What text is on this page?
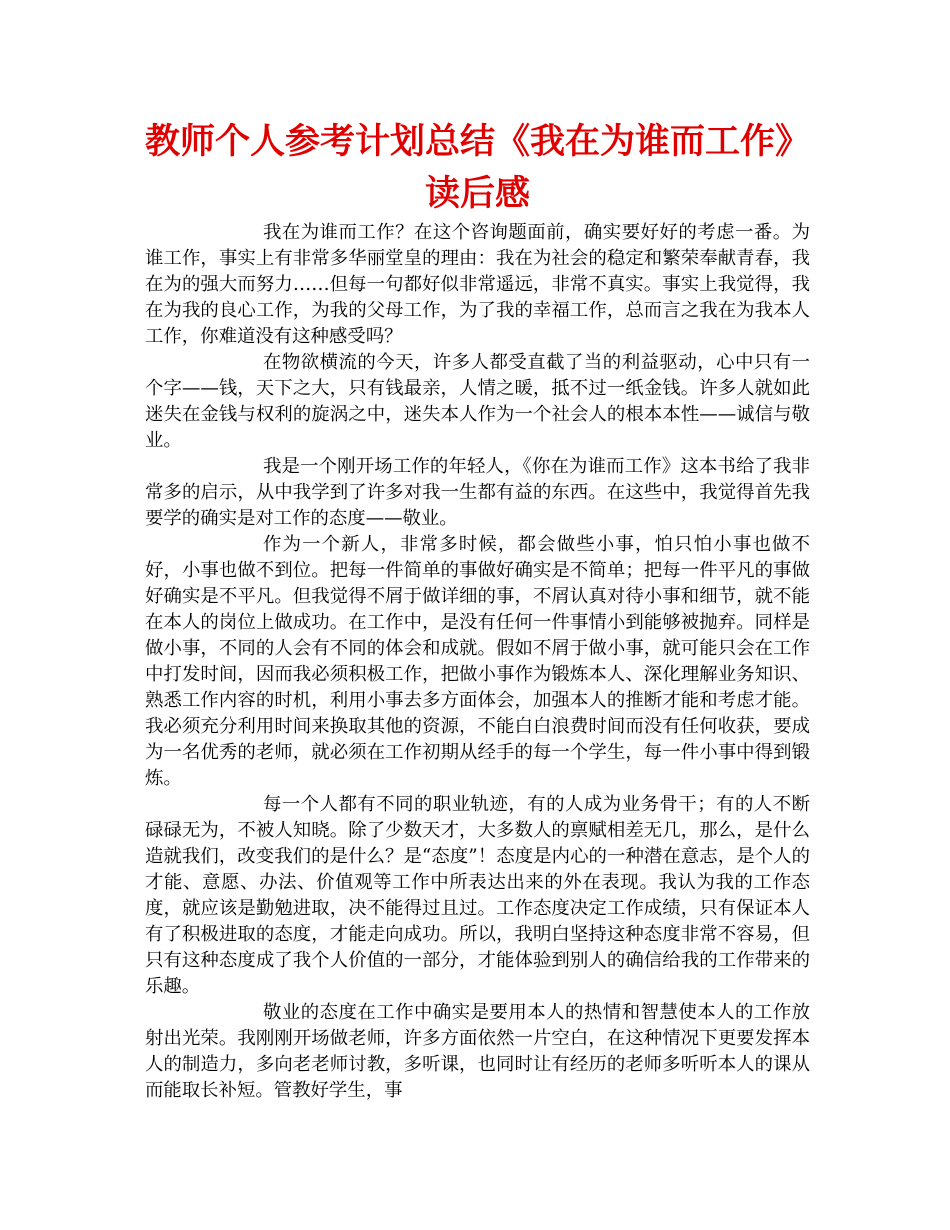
教师个人参考计划总结《我在为谁而工作》读后感

我在为谁而工作？在这个咨询题面前，确实要好好的考虑一番。为谁工作，事实上有非常多华丽堂皇的理由：我在为社会的稳定和繁荣奉献青春，我在为的强大而努力……但每一句都好似非常遥远，非常不真实。事实上我觉得，我在为我的良心工作，为我的父母工作，为了我的幸福工作，总而言之我在为我本人工作，你难道没有这种感受吗？

在物欲横流的今天，许多人都受直截了当的利益驱动，心中只有一个字——钱，天下之大，只有钱最亲，人情之暖，抵不过一纸金钱。许多人就如此迷失在金钱与权利的旋涡之中，迷失本人作为一个社会人的根本本性——诚信与敬业。

我是一个刚开场工作的年轻人，《你在为谁而工作》这本书给了我非常多的启示，从中我学到了许多对我一生都有益的东西。在这些中，我觉得首先我要学的确实是对工作的态度——敬业。

作为一个新人，非常多时候，都会做些小事，怕只怕小事也做不好，小事也做不到位。把每一件简单的事做好确实是不简单；把每一件平凡的事做好确实是不平凡。但我觉得不屑于做详细的事，不屑认真对待小事和细节，就不能在本人的岗位上做成功。在工作中，是没有任何一件事情小到能够被抛弃。同样是做小事，不同的人会有不同的体会和成就。假如不屑于做小事，就可能只会在工作中打发时间，因而我必须积极工作，把做小事作为锻炼本人、深化理解业务知识、熟悉工作内容的时机，利用小事去多方面体会，加强本人的推断才能和考虑才能。我必须充分利用时间来换取其他的资源，不能白白浪费时间而没有任何收获，要成为一名优秀的老师，就必须在工作初期从经手的每一个学生，每一件小事中得到锻炼。

每一个人都有不同的职业轨迹，有的人成为业务骨干；有的人不断碌碌无为，不被人知晓。除了少数天才，大多数人的禀赋相差无几，那么，是什么造就我们，改变我们的是什么？是“态度”！态度是内心的一种潜在意志，是个人的才能、意愿、办法、价值观等工作中所表达出来的外在表现。我认为我的工作态度，就应该是勤勉进取，决不能得过且过。工作态度决定工作成绩，只有保证本人有了积极进取的态度，才能走向成功。所以，我明白坚持这种态度非常不容易，但只有这种态度成了我个人价值的一部分，才能体验到别人的确信给我的工作带来的乐趣。

敬业的态度在工作中确实是要用本人的热情和智慧使本人的工作放射出光荣。我刚刚开场做老师，许多方面依然一片空白，在这种情况下更要发挥本人的制造力，多向老老师讨教，多听课，也同时让有经历的老师多听听本人的课从而能取长补短。管教好学生，事
